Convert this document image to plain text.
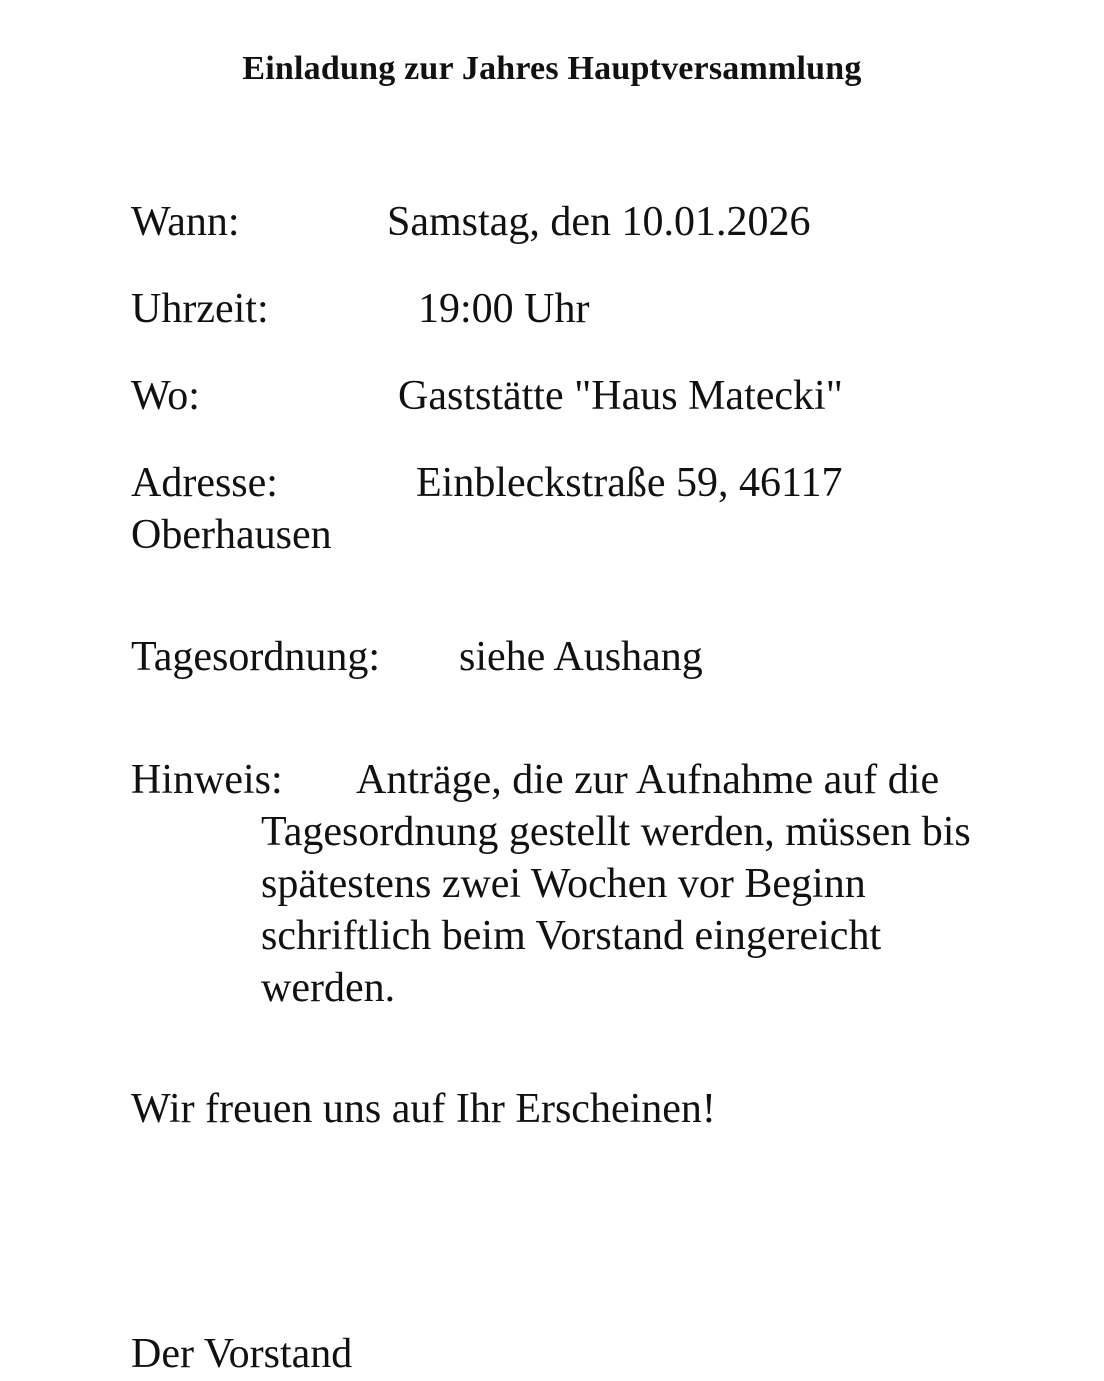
Einladung zur Jahres Hauptversammlung
Wann:	Samstag, den 10.01.2026
Uhrzeit:	19:00 Uhr
Wo:	Gaststätte "Haus Matecki"
Adresse:	Einbleckstraße 59, 46117
Oberhausen
Tagesordnung: siehe Aushang
Hinweis: Anträge, die zur Aufnahme auf die
Tagesordnung gestellt werden, müssen bis
spätestens zwei Wochen vor Beginn
schriftlich beim Vorstand eingereicht
werden.
Wir freuen uns auf Ihr Erscheinen!
Der Vorstand
